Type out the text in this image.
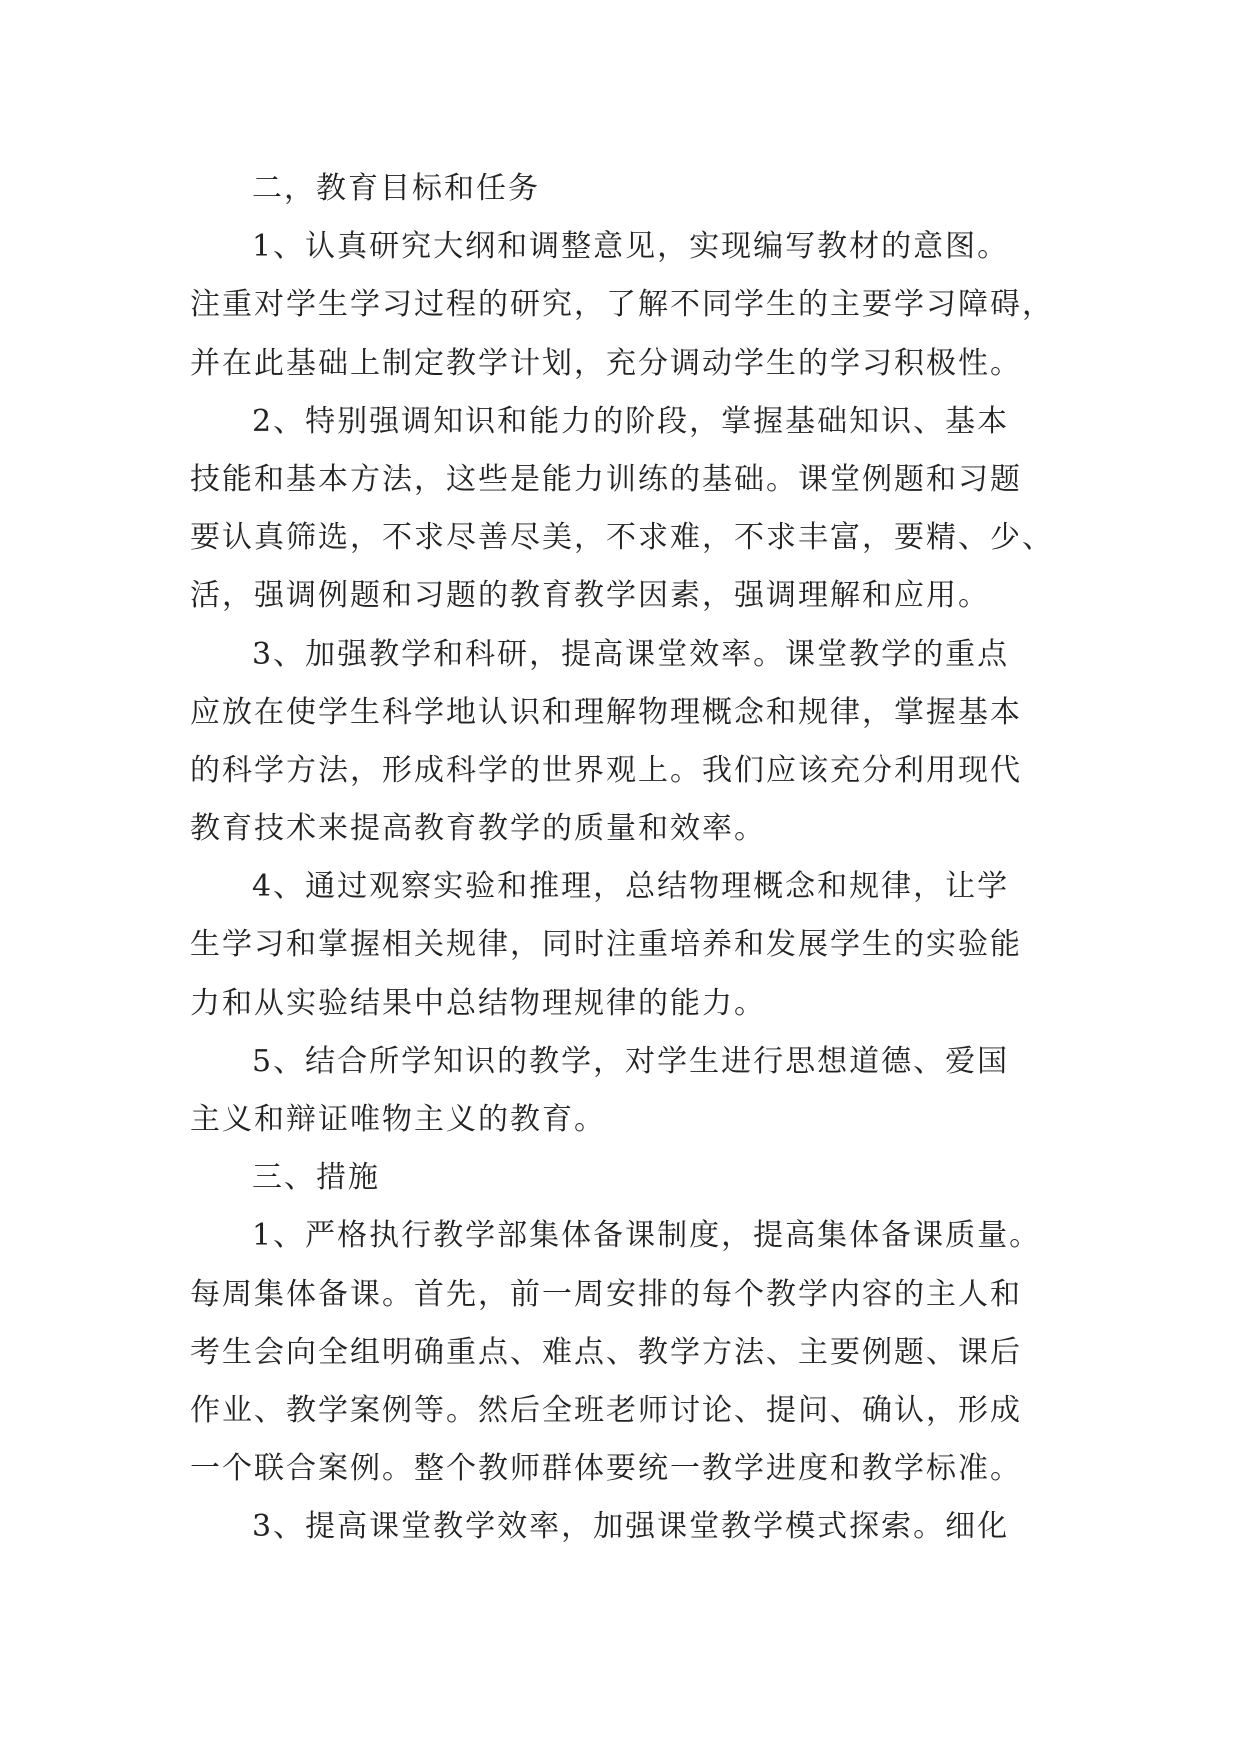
二，教育目标和任务
1、认真研究大纲和调整意见，实现编写教材的意图。
注重对学生学习过程的研究，了解不同学生的主要学习障碍，
并在此基础上制定教学计划，充分调动学生的学习积极性。
2、特别强调知识和能力的阶段，掌握基础知识、基本
技能和基本方法，这些是能力训练的基础。课堂例题和习题
要认真筛选，不求尽善尽美，不求难，不求丰富，要精、少、
活，强调例题和习题的教育教学因素，强调理解和应用。
3、加强教学和科研，提高课堂效率。课堂教学的重点
应放在使学生科学地认识和理解物理概念和规律，掌握基本
的科学方法，形成科学的世界观上。我们应该充分利用现代
教育技术来提高教育教学的质量和效率。
4、通过观察实验和推理，总结物理概念和规律，让学
生学习和掌握相关规律，同时注重培养和发展学生的实验能
力和从实验结果中总结物理规律的能力。
5、结合所学知识的教学，对学生进行思想道德、爱国
主义和辩证唯物主义的教育。
三、措施
1、严格执行教学部集体备课制度，提高集体备课质量。
每周集体备课。首先，前一周安排的每个教学内容的主人和
考生会向全组明确重点、难点、教学方法、主要例题、课后
作业、教学案例等。然后全班老师讨论、提问、确认，形成
一个联合案例。整个教师群体要统一教学进度和教学标准。
3、提高课堂教学效率，加强课堂教学模式探索。细化
